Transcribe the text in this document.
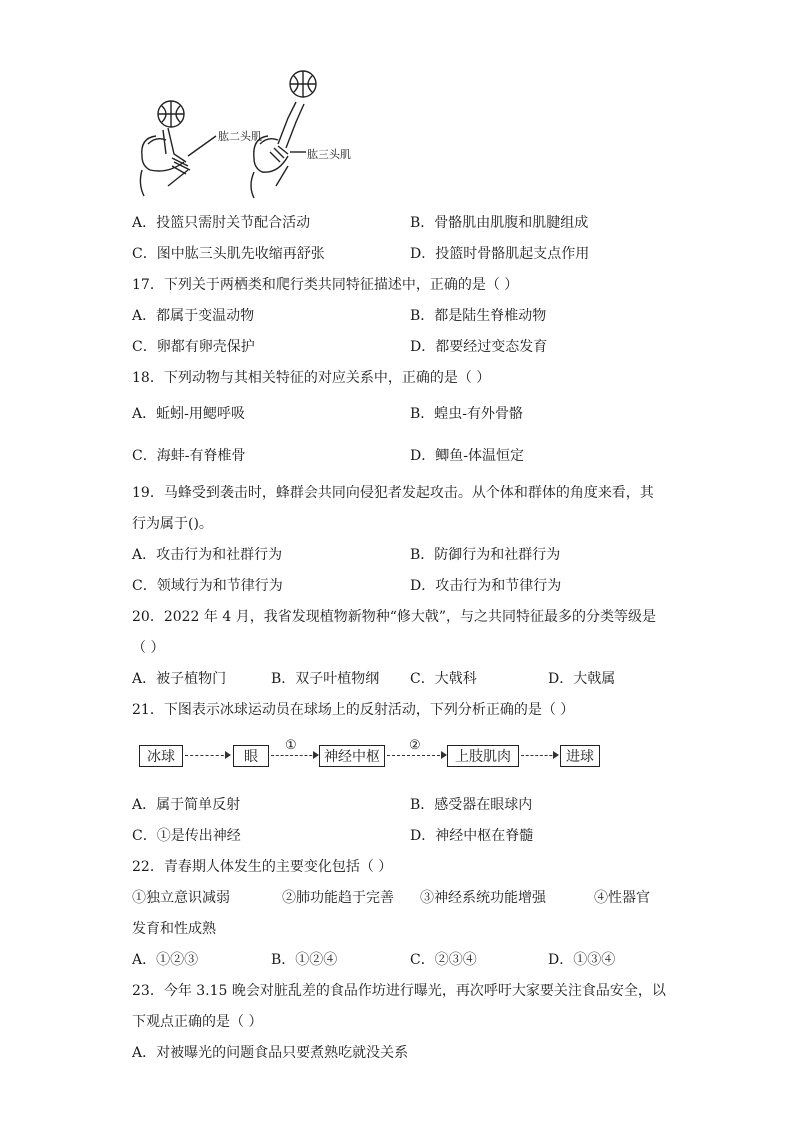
肱二头肌
肱三头肌
A．投篮只需肘关节配合活动	B．骨骼肌由肌腹和肌腱组成
C．图中肱三头肌先收缩再舒张	D．投篮时骨骼肌起支点作用
17．下列关于两栖类和爬行类共同特征描述中，正确的是（ ）
A．都属于变温动物	B．都是陆生脊椎动物
C．卵都有卵壳保护	D．都要经过变态发育
18．下列动物与其相关特征的对应关系中，正确的是（ ）
A．蚯蚓-用鳃呼吸	B．蝗虫-有外骨骼
C．海蚌-有脊椎骨	D．鲫鱼-体温恒定
19．马蜂受到袭击时，蜂群会共同向侵犯者发起攻击。从个体和群体的角度来看，其
行为属于()。
A．攻击行为和社群行为	B．防御行为和社群行为
C．领域行为和节律行为	D．攻击行为和节律行为
20．2022 年 4 月，我省发现植物新物种“修大戟”，与之共同特征最多的分类等级是
（ ）
A．被子植物门	B．双子叶植物纲 C．大戟科	D．大戟属
21．下图表示冰球运动员在球场上的反射活动，下列分析正确的是（ ）
冰球	眼
①
神经中枢
②
上肢肌肉	进球
A．属于简单反射	B．感受器在眼球内
C．①是传出神经	D．神经中枢在脊髓
22．青春期人体发生的主要变化包括（ ）
①独立意识减弱	②肺功能趋于完善 ③神经系统功能增强	④性器官
发育和性成熟
A．①②③	B．①②④	C．②③④	D．①③④
23．今年 3.15 晚会对脏乱差的食品作坊进行曝光，再次呼吁大家要关注食品安全，以
下观点正确的是（ ）
A．对被曝光的问题食品只要煮熟吃就没关系
